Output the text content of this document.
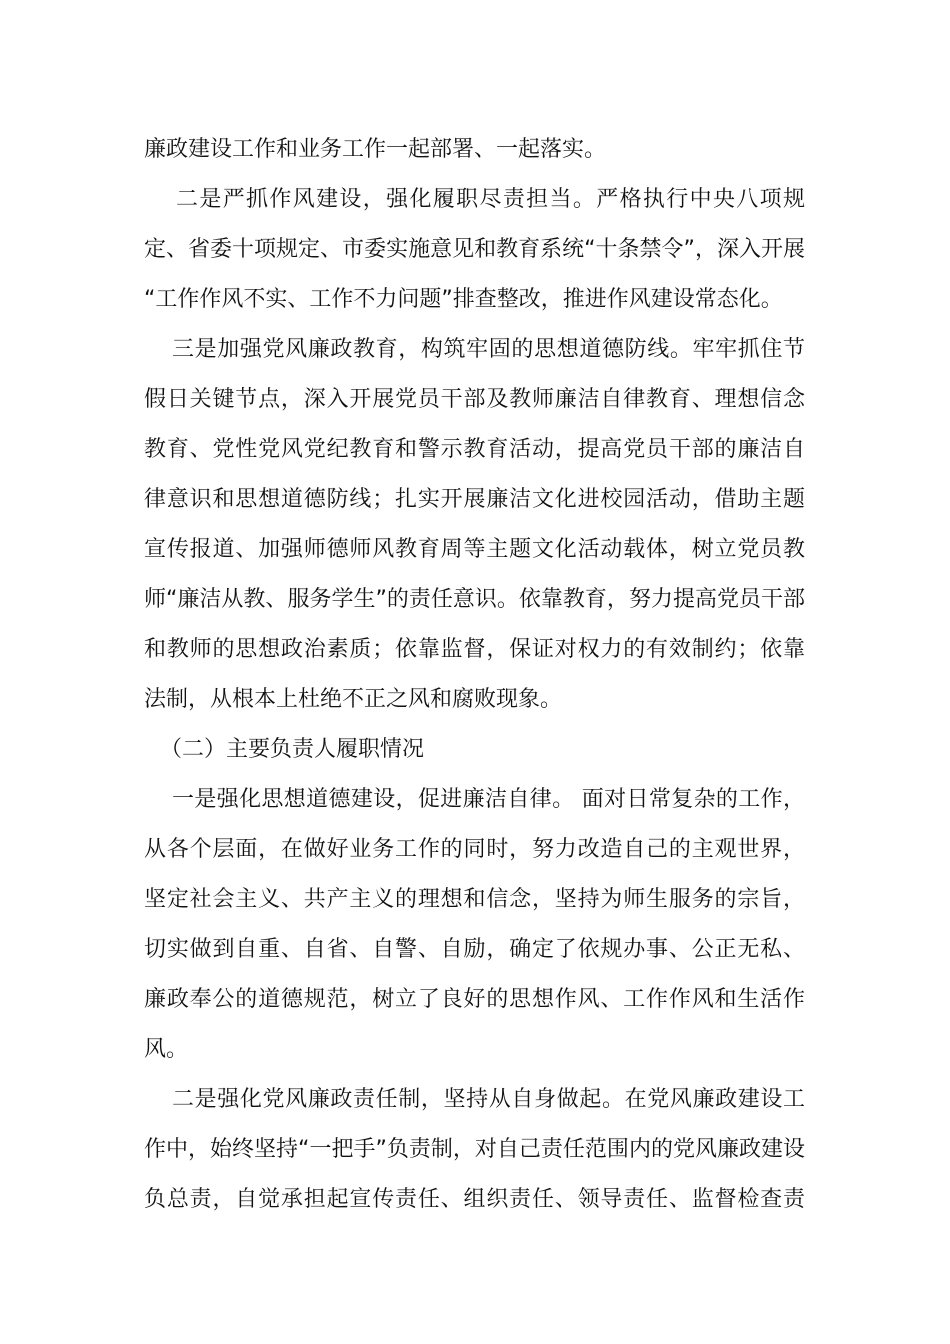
廉政建设工作和业务工作一起部署、一起落实。
二是严抓作风建设，强化履职尽责担当。严格执行中央八项规
定、省委十项规定、市委实施意见和教育系统“十条禁令”，深入开展
“工作作风不实、工作不力问题”排查整改，推进作风建设常态化。
三是加强党风廉政教育，构筑牢固的思想道德防线。牢牢抓住节
假日关键节点，深入开展党员干部及教师廉洁自律教育、理想信念
教育、党性党风党纪教育和警示教育活动，提高党员干部的廉洁自
律意识和思想道德防线；扎实开展廉洁文化进校园活动，借助主题
宣传报道、加强师德师风教育周等主题文化活动载体，树立党员教
师“廉洁从教、服务学生”的责任意识。依靠教育，努力提高党员干部
和教师的思想政治素质；依靠监督，保证对权力的有效制约；依靠
法制，从根本上杜绝不正之风和腐败现象。
（二）主要负责人履职情况
一是强化思想道德建设，促进廉洁自律。 面对日常复杂的工作，
从各个层面，在做好业务工作的同时，努力改造自己的主观世界，
坚定社会主义、共产主义的理想和信念，坚持为师生服务的宗旨，
切实做到自重、自省、自警、自励，确定了依规办事、公正无私、
廉政奉公的道德规范，树立了良好的思想作风、工作作风和生活作
风。
二是强化党风廉政责任制，坚持从自身做起。在党风廉政建设工
作中，始终坚持“一把手”负责制，对自己责任范围内的党风廉政建设
负总责，自觉承担起宣传责任、组织责任、领导责任、监督检查责
